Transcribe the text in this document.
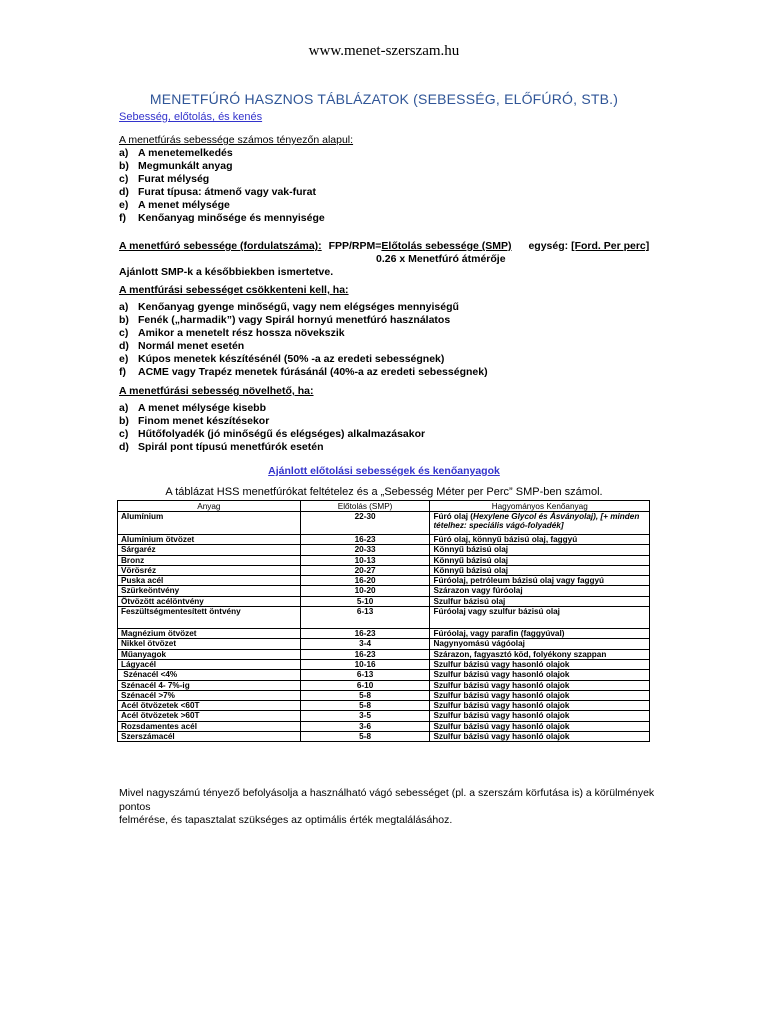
www.menet-szerszam.hu
MENETFÚRÓ HASZNOS TÁBLÁZATOK (SEBESSÉG, ELŐFÚRÓ, STB.)
Sebesség, előtolás, és kenés
A menetfúrás sebessége számos tényezőn alapul:
a) A menetemelkedés
b) Megmunkált anyag
c) Furat mélység
d) Furat típusa: átmenő vagy vak-furat
e) A menet mélysége
f)	Kenőanyag minősége és mennyisége
A menetfúró sebessége (fordulatszáma): FPP/RPM=Előtolás sebessége (SMP) egység: [Ford. Per perc]
0.26 x Menetfúró átmérője
Ajánlott SMP-k a későbbiekben ismertetve.
A mentfúrási sebességet csökkenteni kell, ha:
a) Kenőanyag gyenge minőségű, vagy nem elégséges mennyiségű
b) Fenék („harmadik”) vagy Spirál hornyú menetfúró használatos
c) Amikor a menetelt rész hossza növekszik
d) Normál menet esetén
e) Kúpos menetek készítésénél (50% -a az eredeti sebességnek)
f)	ACME vagy Trapéz menetek fúrásánál (40%-a az eredeti sebességnek)
A menetfúrási sebesség növelhető, ha:
a) A menet mélysége kisebb
b) Finom menet készítésekor
c) Hűtőfolyadék (jó minőségű és elégséges) alkalmazásakor
d) Spirál pont típusú menetfúrók esetén
Ajánlott előtolási sebességek és kenőanyagok
A táblázat HSS menetfúrókat feltételez és a „Sebesség Méter per Perc” SMP-ben számol.
Anyag	Előtolás (SMP)	Hagyományos Kenőanyag
Alumínium	22-30	Fúró olaj (Hexylene Glycol és Ásványolaj), [+ minden tételhez: speciális vágó-folyadék]
Alumínium ötvözet	16-23	Fúró olaj, könnyű bázisú olaj, faggyú
Sárgaréz	20-33	Könnyű bázisú olaj
Bronz	10-13	Könnyű bázisú olaj
Vörösréz	20-27	Könnyű bázisú olaj
Puska acél	16-20	Fúróolaj, petróleum bázisú olaj vagy faggyú
Szürkeöntvény	10-20	Szárazon vagy fúróolaj
Ötvözött acélöntvény	5-10	Szulfur bázisú olaj
Feszültségmentesített öntvény	6-13	Fúróolaj vagy szulfur bázisú olaj
Magnézium ötvözet	16-23	Fúróolaj, vagy parafin (faggyúval)
Nikkel ötvözet	3-4	Nagynyomású vágóolaj
Műanyagok	16-23	Szárazon, fagyasztó köd, folyékony szappan
Lágyacél	10-16	Szulfur bázisú vagy hasonló olajok
Szénacél <4%	6-13	Szulfur bázisú vagy hasonló olajok
Szénacél 4- 7%-ig	6-10	Szulfur bázisú vagy hasonló olajok
Szénacél >7%	5-8	Szulfur bázisú vagy hasonló olajok
Acél ötvözetek <60T	5-8	Szulfur bázisú vagy hasonló olajok
Acél ötvözetek >60T	3-5	Szulfur bázisú vagy hasonló olajok
Rozsdamentes acél	3-6	Szulfur bázisú vagy hasonló olajok
Szerszámacél	5-8	Szulfur bázisú vagy hasonló olajok
Mivel nagyszámú tényező befolyásolja a használható vágó sebességet (pl. a szerszám körfutása is) a körülmények pontos
felmérése, és tapasztalat szükséges az optimális érték megtalálásához.
